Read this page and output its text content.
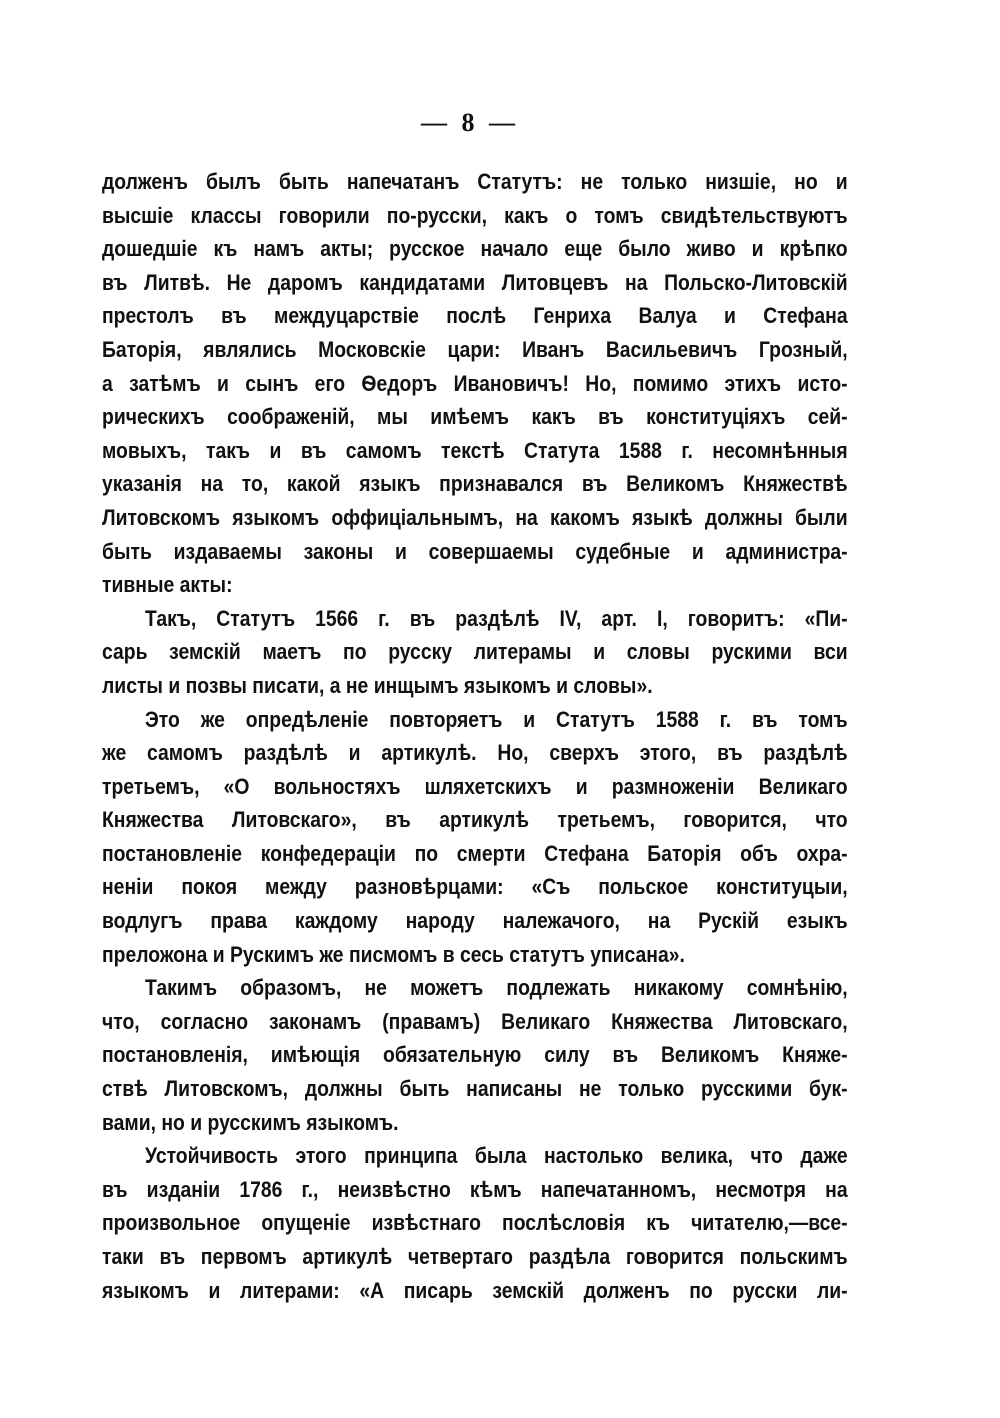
— 8 —
долженъ былъ быть напечатанъ Статутъ: не только низшіе, но и
высшіе классы говорили по-русски, какъ о томъ свидѣтельствуютъ
дошедшіе къ намъ акты; русское начало еще было живо и крѣпко
въ Литвѣ. Не даромъ кандидатами Литовцевъ на Польско-Литовскій
престолъ въ междуцарствіе послѣ Генриха Валуа и Стефана
Баторія, являлись Московскіе цари: Иванъ Васильевичъ Грозный,
а затѣмъ и сынъ его Ѳедоръ Ивановичъ! Но, помимо этихъ исто-
рическихъ соображеній, мы имѣемъ какъ въ конституціяхъ сей-
мовыхъ, такъ и въ самомъ текстѣ Статута 1588 г. несомнѣнныя
указанія на то, какой языкъ признавался въ Великомъ Княжествѣ
Литовскомъ языкомъ оффиціальнымъ, на какомъ языкѣ должны были
быть издаваемы законы и совершаемы судебные и администра-
тивные акты:
Такъ, Статутъ 1566 г. въ раздѣлѣ IV, арт. I, говоритъ: «Пи-
сарь земскій маетъ по русску литерамы и словы рускими вси
листы и позвы писати, а не инщымъ языкомъ и словы».
Это же опредѣленіе повторяетъ и Статутъ 1588 г. въ томъ
же самомъ раздѣлѣ и артикулѣ. Но, сверхъ этого, въ раздѣлѣ
третьемъ, «О вольностяхъ шляхетскихъ и размноженіи Великаго
Княжества Литовскаго», въ артикулѣ третьемъ, говорится, что
постановленіе конфедераціи по смерти Стефана Баторія объ охра-
неніи покоя между разновѣрцами: «Съ польское конституцыи,
водлугъ права каждому народу належачого, на Рускій езыкъ
преложона и Рускимъ же писмомъ в сесь статутъ уписана».
Такимъ образомъ, не можетъ подлежать никакому сомнѣнію,
что, согласно законамъ (правамъ) Великаго Княжества Литовскаго,
постановленія, имѣющія обязательную силу въ Великомъ Княже-
ствѣ Литовскомъ, должны быть написаны не только русскими бук-
вами, но и русскимъ языкомъ.
Устойчивость этого принципа была настолько велика, что даже
въ изданіи 1786 г., неизвѣстно кѣмъ напечатанномъ, несмотря на
произвольное опущеніе извѣстнаго послѣсловія къ читателю,—все-
таки въ первомъ артикулѣ четвертаго раздѣла говорится польскимъ
языкомъ и литерами: «А писарь земскій долженъ по русски ли-
